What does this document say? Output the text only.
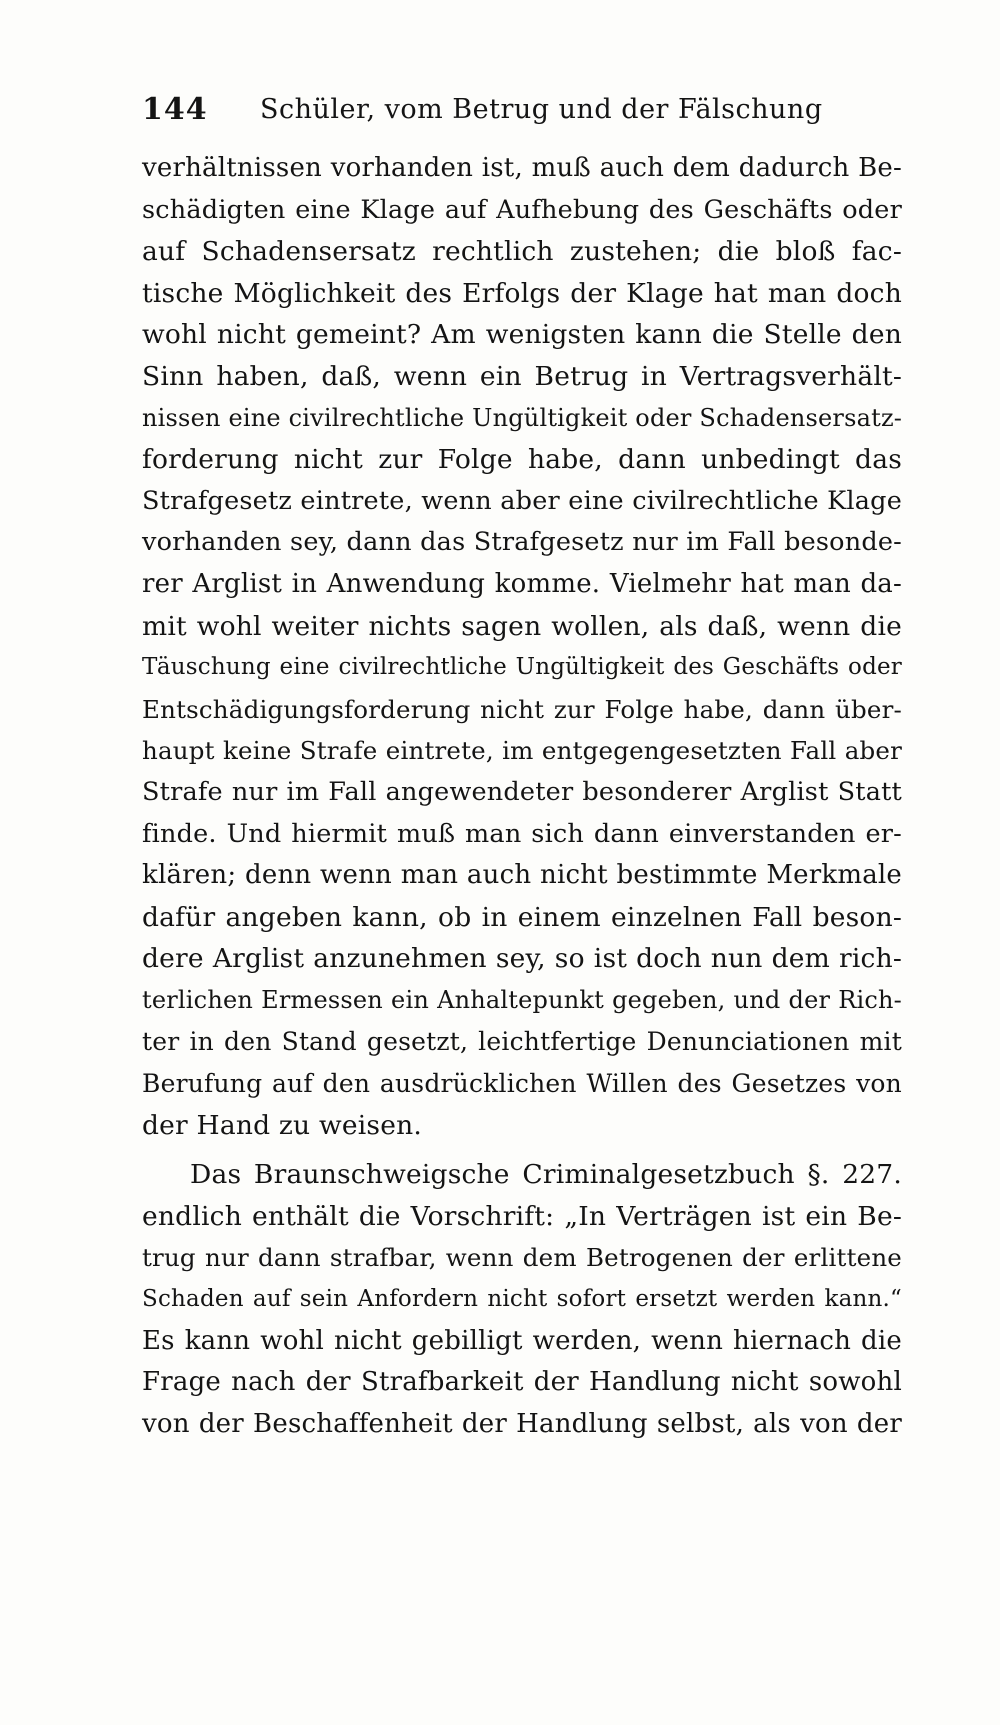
144 Schüler, vom Betrug und der Fälschung
verhältnissen vorhanden ist, muß auch dem dadurch Be-
schädigten eine Klage auf Aufhebung des Geschäfts oder
auf Schadensersatz rechtlich zustehen; die bloß fac-
tische Möglichkeit des Erfolgs der Klage hat man doch
wohl nicht gemeint? Am wenigsten kann die Stelle den
Sinn haben, daß, wenn ein Betrug in Vertragsverhält-
nissen eine civilrechtliche Ungültigkeit oder Schadensersatz-
forderung nicht zur Folge habe, dann unbedingt das
Strafgesetz eintrete, wenn aber eine civilrechtliche Klage
vorhanden sey, dann das Strafgesetz nur im Fall besonde-
rer Arglist in Anwendung komme. Vielmehr hat man da-
mit wohl weiter nichts sagen wollen, als daß, wenn die
Täuschung eine civilrechtliche Ungültigkeit des Geschäfts oder
Entschädigungsforderung nicht zur Folge habe, dann über-
haupt keine Strafe eintrete, im entgegengesetzten Fall aber
Strafe nur im Fall angewendeter besonderer Arglist Statt
finde. Und hiermit muß man sich dann einverstanden er-
klären; denn wenn man auch nicht bestimmte Merkmale
dafür angeben kann, ob in einem einzelnen Fall beson-
dere Arglist anzunehmen sey, so ist doch nun dem rich-
terlichen Ermessen ein Anhaltepunkt gegeben, und der Rich-
ter in den Stand gesetzt, leichtfertige Denunciationen mit
Berufung auf den ausdrücklichen Willen des Gesetzes von
der Hand zu weisen.
Das Braunschweigsche Criminalgesetzbuch §. 227.
endlich enthält die Vorschrift: „In Verträgen ist ein Be-
trug nur dann strafbar, wenn dem Betrogenen der erlittene
Schaden auf sein Anfordern nicht sofort ersetzt werden kann.“
Es kann wohl nicht gebilligt werden, wenn hiernach die
Frage nach der Strafbarkeit der Handlung nicht sowohl
von der Beschaffenheit der Handlung selbst, als von der
